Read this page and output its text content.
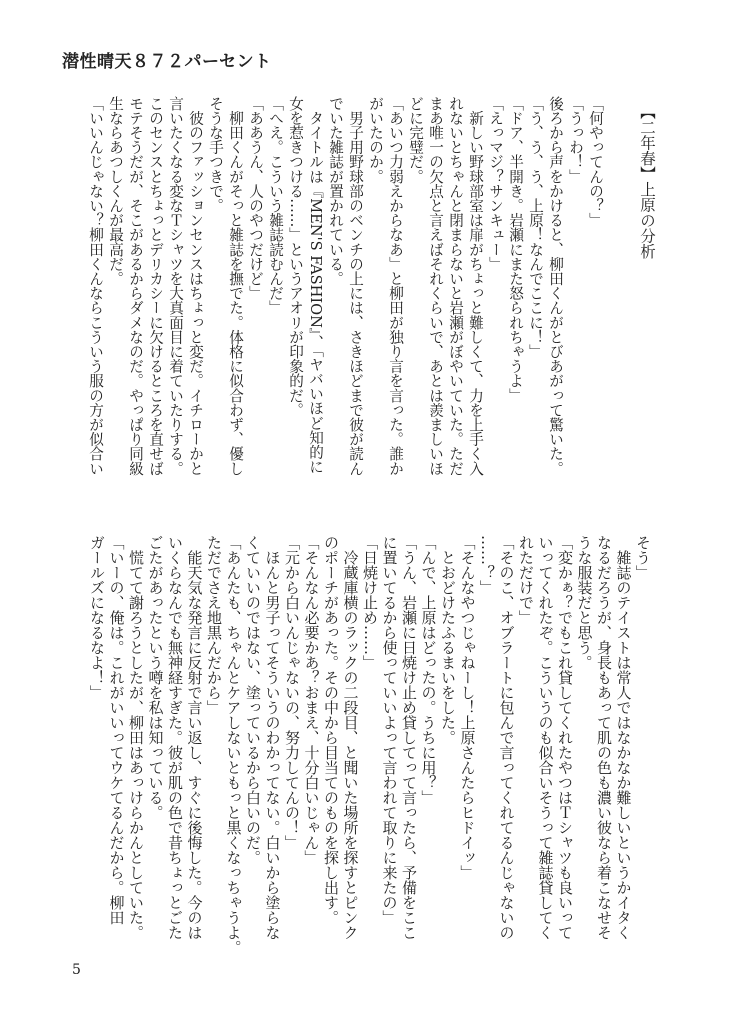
潜性晴天８７２パーセント
【二年春】上原の分析
「何やってんの？」
「うっわ！」
後ろから声をかけると、柳田くんがとびあがって驚いた。
「う、う、う、上原！なんでここに！」
「ドア、半開き。岩瀬にまた怒られちゃうよ」
「えっマジ？サンキュー」
　新しい野球部室は扉がちょっと難しくて、力を上手く入
れないとちゃんと閉まらないと岩瀬がぼやいていた。ただ
まあ唯一の欠点と言えばそれくらいで、あとは羨ましいほ
どに完璧だ。
「あいつ力弱えからなあ」と柳田が独り言を言った。誰か
がいたのか。
　男子用野球部のベンチの上には、さきほどまで彼が読ん
でいた雑誌が置かれている。
　タイトルは『MEN'S FASHION』、「ヤバいほど知的に
女を惹きつける……」というアオリが印象的だ。
「へえ。こういう雑誌読むんだ」
「ああうん、人のやつだけど」
　柳田くんがそっと雑誌を撫でた。体格に似合わず、優し
そうな手つきで。
　彼のファッションセンスはちょっと変だ。イチローかと
言いたくなる変なＴシャツを大真面目に着ていたりする。
このセンスとちょっとデリカシーに欠けるところを直せば
モテそうだが、そこがあるからダメなのだ。やっぱり同級
生ならあつしくんが最高だ。
「いいんじゃない？柳田くんならこういう服の方が似合い
そう」
　雑誌のテイストは常人ではなかなか難しいというかイタく
なるだろうが、身長もあって肌の色も濃い彼なら着こなせそ
うな服装だと思う。
「変かぁ？でもこれ貸してくれたやつはＴシャツも良いって
いってくれたぞ。こういうのも似合いそうって雑誌貸してく
れただけで」
「そのこ、オブラートに包んで言ってくれてるんじゃないの
……？」
「そんなやつじゃねーし！上原さんたらヒドイッ」
　とおどけたふるまいをした。
「んで、上原はどったの。うちに用？」
「うん、岩瀬に日焼け止め貸してって言ったら、予備をここ
に置いてるから使っていいよって言われて取りに来たの」
「日焼け止め……」
　冷蔵庫横のラックの二段目、と聞いた場所を探すとピンク
のポーチがあった。その中から目当てのものを探し出す。
「そんなん必要かあ？おまえ、十分白いじゃん」
「元から白いんじゃないの、努力してんの！」
　ほんと男子ってそういうのわかってない。白いから塗らな
くていいのではない、塗っているから白いのだ。
「あんたも、ちゃんとケアしないともっと黒くなっちゃうよ。
ただでさえ地黒んだから」
　能天気な発言に反射で言い返し、すぐに後悔した。今のは
いくらなんでも無神経すぎた。彼が肌の色で昔ちょっとごた
ごたがあったという噂を私は知っている。
　慌てて謝ろうとしたが、柳田はあっけらかんとしていた。
「いーの、俺は。これがいいってウケてるんだから。柳田
ガールズになるなよ！」
5
